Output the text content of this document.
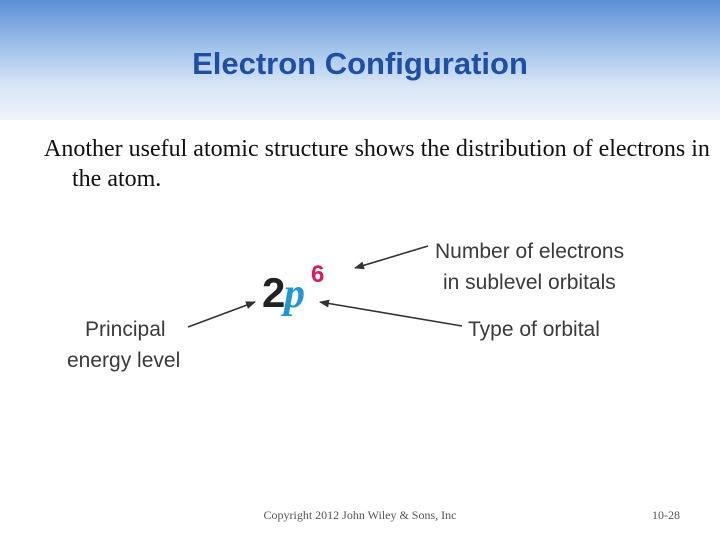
Electron Configuration
Another useful atomic structure shows the distribution of electrons in the atom.
2
p 6
Number of electrons
in sublevel orbitals
Type of orbital
Principal
energy level
Copyright 2012 John Wiley & Sons, Inc	10-28
